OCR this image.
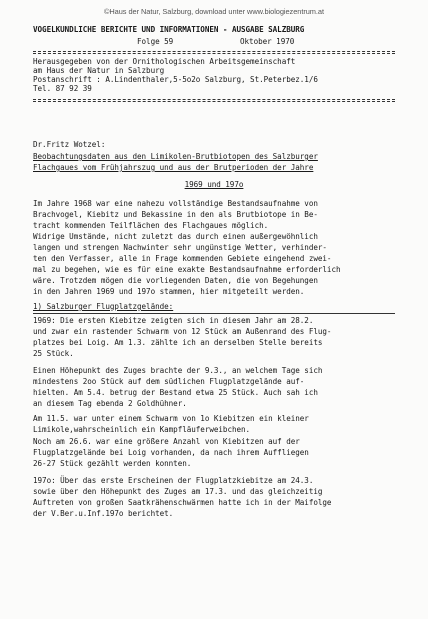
©Haus der Natur, Salzburg, download unter www.biologiezentrum.at
VOGELKUNDLICHE BERICHTE UND INFORMATIONEN - AUSGABE SALZBURG
Folge 59	Oktober 1970
Herausgegeben von der Ornithologischen Arbeitsgemeinschaft
am Haus der Natur in Salzburg
Postanschrift : A.Lindenthaler,5-5o2o Salzburg, St.Peterbez.1/6
Tel. 87 92 39
Dr.Fritz Wotzel:
Beobachtungsdaten aus den Limikolen-Brutbiotopen des Salzburger
Flachgaues vom Frühjahrszug und aus der Brutperioden der Jahre
1969 und 197o
Im Jahre 1968 war eine nahezu vollständige Bestandsaufnahme von
Brachvogel, Kiebitz und Bekassine in den als Brutbiotope in Be-
tracht kommenden Teilflächen des Flachgaues möglich.
Widrige Umstände, nicht zuletzt das durch einen außergewöhnlich
langen und strengen Nachwinter sehr ungünstige Wetter, verhinder-
ten den Verfasser, alle in Frage kommenden Gebiete eingehend zwei-
mal zu begehen, wie es für eine exakte Bestandsaufnahme erforderlich
wäre. Trotzdem mögen die vorliegenden Daten, die von Begehungen
in den Jahren 1969 und 197o stammen, hier mitgeteilt werden.
1) Salzburger Flugplatzgelände:
1969: Die ersten Kiebitze zeigten sich in diesem Jahr am 28.2.
und zwar ein rastender Schwarm von 12 Stück am Außenrand des Flug-
platzes bei Loig. Am 1.3. zählte ich an derselben Stelle bereits
25 Stück.
Einen Höhepunkt des Zuges brachte der 9.3., an welchem Tage sich
mindestens 2oo Stück auf dem südlichen Flugplatzgelände auf-
hielten. Am 5.4. betrug der Bestand etwa 25 Stück. Auch sah ich
an diesem Tag ebenda 2 Goldhühner.
Am 11.5. war unter einem Schwarm von 1o Kiebitzen ein kleiner
Limikole,wahrscheinlich ein Kampfläuferweibchen.
Noch am 26.6. war eine größere Anzahl von Kiebitzen auf der
Flugplatzgelände bei Loig vorhanden, da nach ihrem Auffliegen
26-27 Stück gezählt werden konnten.
197o: Über das erste Erscheinen der Flugplatzkiebitze am 24.3.
sowie über den Höhepunkt des Zuges am 17.3. und das gleichzeitig
Auftreten von großen Saatkrähenschwärmen hatte ich in der Maifolge
der V.Ber.u.Inf.197o berichtet.
